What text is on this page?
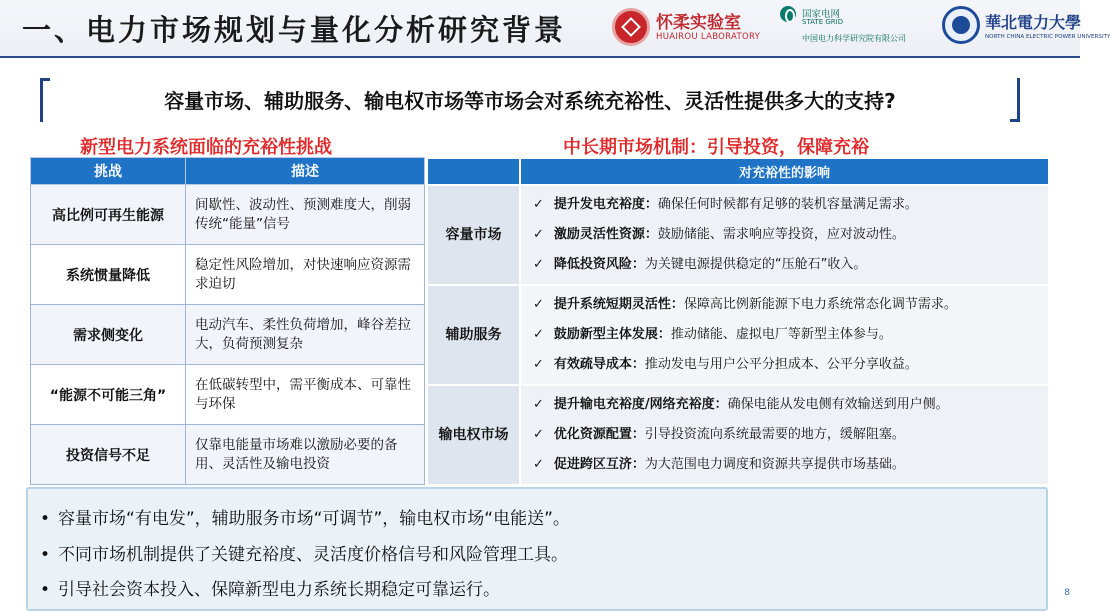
一、电力市场规划与量化分析研究背景	怀柔实验室
HUAIROU LABORATORY
国家电网
STATE GRID
中国电力科学研究院有限公司
華北電力大學
NORTH CHINA ELECTRIC POWER UNIVERSITY
容量市场、辅助服务、输电权市场等市场会对系统充裕性、灵活性提供多大的支持?
新型电力系统面临的充裕性挑战	中长期市场机制：引导投资，保障充裕
挑战	描述
高比例可再生能源	间歇性、波动性、预测难度大，削弱传统“能量”信号
系统惯量降低	稳定性风险增加，对快速响应资源需求迫切
需求侧变化	电动汽车、柔性负荷增加，峰谷差拉大，负荷预测复杂
“能源不可能三角”	在低碳转型中，需平衡成本、可靠性与环保
投资信号不足	仅靠电能量市场难以激励必要的备用、灵活性及输电投资
	对充裕性的影响
容量市场	✓ 提升发电充裕度：确保任何时候都有足够的装机容量满足需求。
✓ 激励灵活性资源：鼓励储能、需求响应等投资，应对波动性。
✓ 降低投资风险：为关键电源提供稳定的“压舱石”收入。

辅助服务	✓ 提升系统短期灵活性：保障高比例新能源下电力系统常态化调节需求。
✓ 鼓励新型主体发展：推动储能、虚拟电厂等新型主体参与。
✓ 有效疏导成本：推动发电与用户公平分担成本、公平分享收益。

输电权市场	✓ 提升输电充裕度/网络充裕度：确保电能从发电侧有效输送到用户侧。
✓ 优化资源配置：引导投资流向系统最需要的地方，缓解阻塞。
✓ 促进跨区互济：为大范围电力调度和资源共享提供市场基础。
• 容量市场“有电发”，辅助服务市场“可调节”，输电权市场“电能送”。
• 不同市场机制提供了关键充裕度、灵活度价格信号和风险管理工具。
• 引导社会资本投入、保障新型电力系统长期稳定可靠运行。	8
